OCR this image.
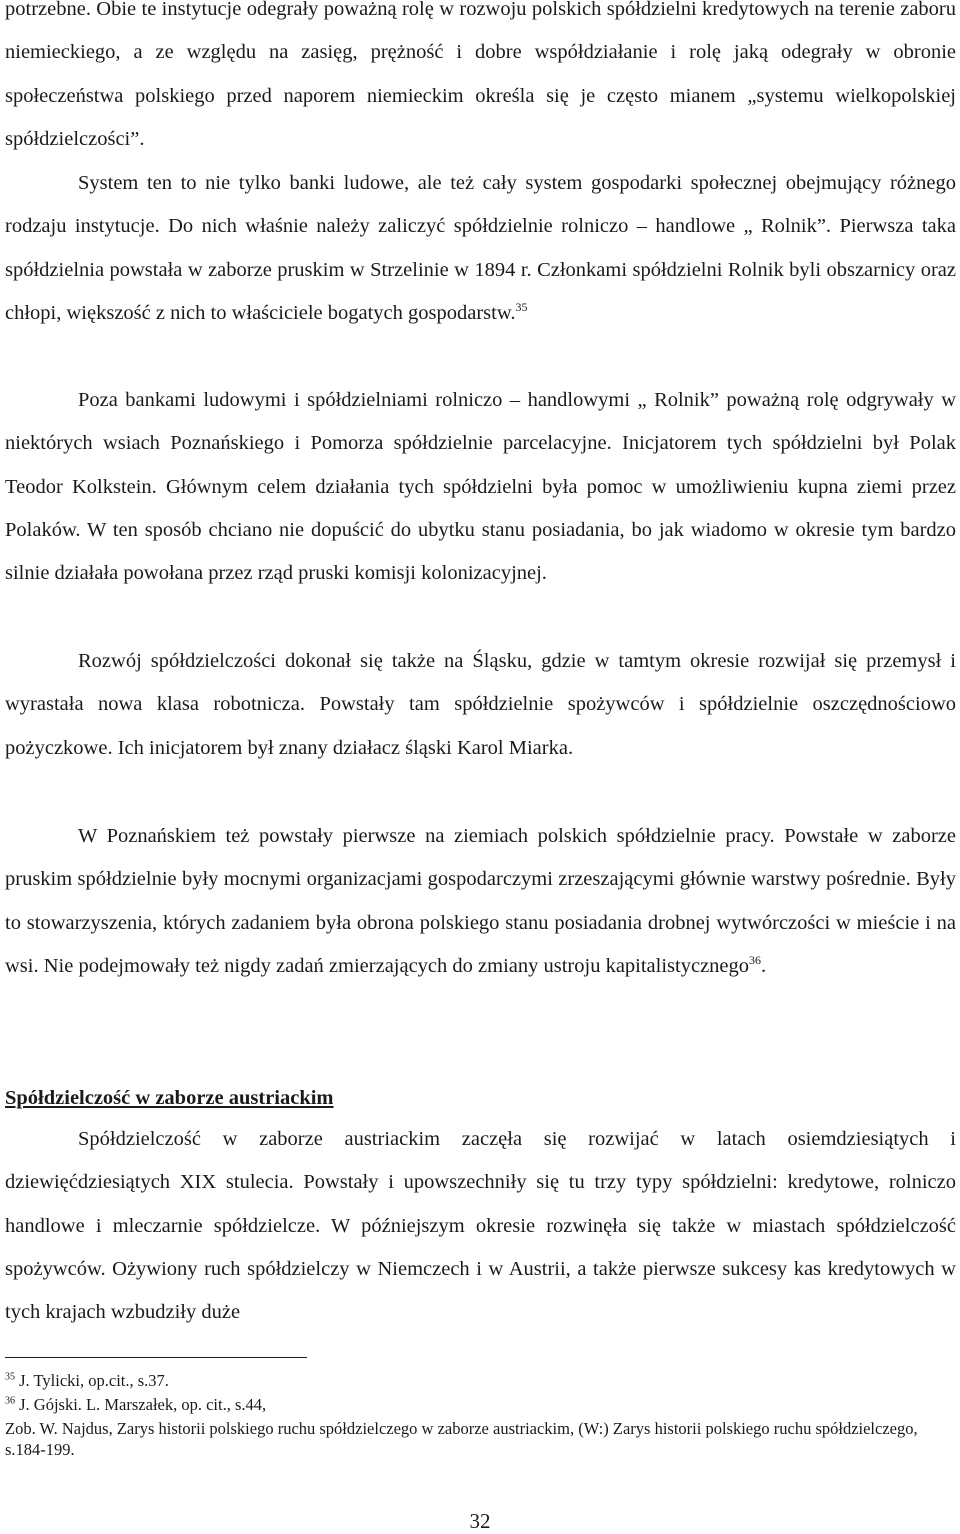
potrzebne. Obie te instytucje odegrały poważną rolę w rozwoju polskich spółdzielni kredytowych na terenie zaboru niemieckiego, a ze względu na zasięg, prężność i dobre współdziałanie i rolę jaką odegrały w obronie społeczeństwa polskiego przed naporem niemieckim określa się je często mianem „systemu wielkopolskiej spółdzielczości”.

System ten to nie tylko banki ludowe, ale też cały system gospodarki społecznej obejmujący różnego rodzaju instytucje. Do nich właśnie należy zaliczyć spółdzielnie rolniczo – handlowe „ Rolnik”. Pierwsza taka spółdzielnia powstała w zaborze pruskim w Strzelinie w 1894 r. Członkami spółdzielni Rolnik byli obszarnicy oraz chłopi, większość z nich to właściciele bogatych gospodarstw.$^{35}$

Poza bankami ludowymi i spółdzielniami rolniczo – handlowymi „ Rolnik” poważną rolę odgrywały w niektórych wsiach Poznańskiego i Pomorza spółdzielnie parcelacyjne. Inicjatorem tych spółdzielni był Polak Teodor Kolkstein. Głównym celem działania tych spółdzielni była pomoc w umożliwieniu kupna ziemi przez Polaków. W ten sposób chciano nie dopuścić do ubytku stanu posiadania, bo jak wiadomo w okresie tym bardzo silnie działała powołana przez rząd pruski komisji kolonizacyjnej.

Rozwój spółdzielczości dokonał się także na Śląsku, gdzie w tamtym okresie rozwijał się przemysł i wyrastała nowa klasa robotnicza. Powstały tam spółdzielnie spożywców i spółdzielnie oszczędnościowo pożyczkowe. Ich inicjatorem był znany działacz śląski Karol Miarka.

W Poznańskiem też powstały pierwsze na ziemiach polskich spółdzielnie pracy. Powstałe w zaborze pruskim spółdzielnie były mocnymi organizacjami gospodarczymi zrzeszającymi głównie warstwy pośrednie. Były to stowarzyszenia, których zadaniem była obrona polskiego stanu posiadania drobnej wytwórczości w mieście i na wsi. Nie podejmowały też nigdy zadań zmierzających do zmiany ustroju kapitalistycznego$^{36}$.

Spółdzielczość w zaborze austriackim

Spółdzielczość w zaborze austriackim zaczęła się rozwijać w latach osiemdziesiątych i dziewięćdziesiątych XIX stulecia. Powstały i upowszechniły się tu trzy typy spółdzielni: kredytowe, rolniczo handlowe i mleczarnie spółdzielcze. W późniejszym okresie rozwinęła się także w miastach spółdzielczość spożywców. Ożywiony ruch spółdzielczy w Niemczech i w Austrii, a także pierwsze sukcesy kas kredytowych w tych krajach wzbudziły duże

$^{35}$ J. Tylicki, op.cit., s.37.

$^{36}$ J. Gójski. L. Marszałek, op. cit., s.44,

Zob. W. Najdus, Zarys historii polskiego ruchu spółdzielczego w zaborze austriackim, (W:) Zarys historii polskiego ruchu spółdzielczego, s.184-199.

32
